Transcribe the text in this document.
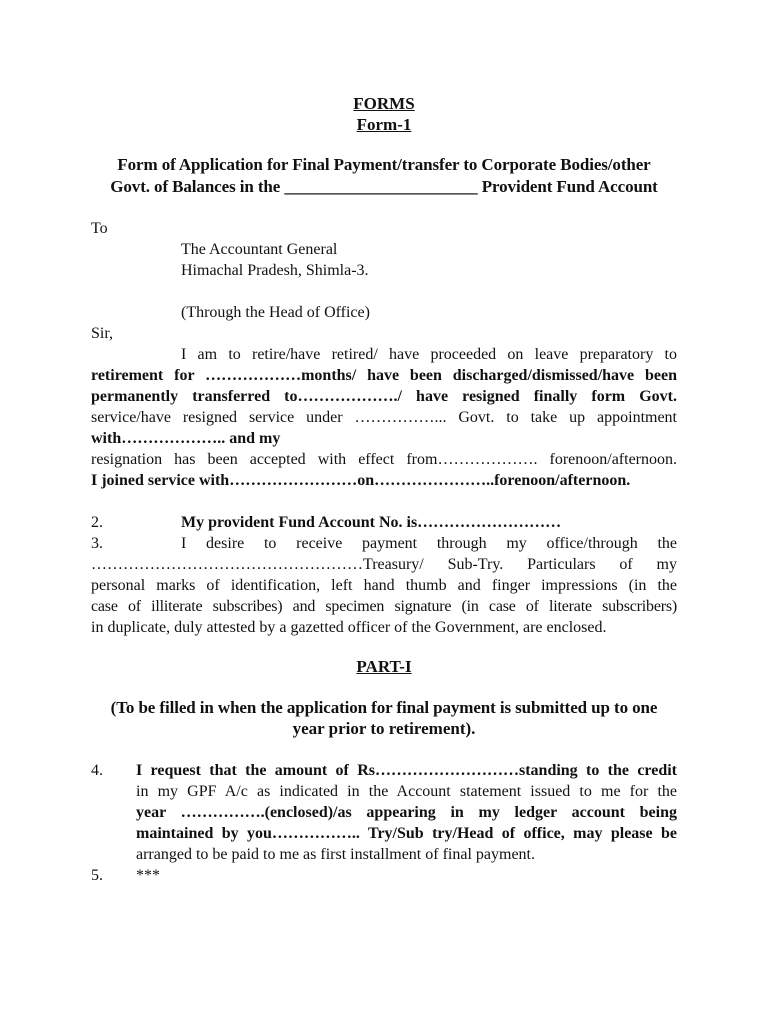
FORMS
Form-1
Form of Application for Final Payment/transfer to Corporate Bodies/other
Govt. of Balances in the _______________________ Provident Fund Account
To
The Accountant General
Himachal Pradesh, Shimla-3.
(Through the Head of Office)
Sir,
I am to retire/have retired/ have proceeded on leave preparatory to
retirement for ………………months/ have been discharged/dismissed/have been
permanently transferred to………………./ have resigned finally form Govt.
service/have resigned service under ……………... Govt. to take up appointment
with……………….. and my
resignation has been accepted with effect from………………. forenoon/afternoon.
I joined service with……………………on…………………..forenoon/afternoon.
2.	My provident Fund Account No. is………………………
3.	I desire to receive payment through my office/through the
……………………………………………Treasury/ Sub-Try. Particulars of my
personal marks of identification, left hand thumb and finger impressions (in the
case of illiterate subscribes) and specimen signature (in case of literate subscribers)
in duplicate, duly attested by a gazetted officer of the Government, are enclosed.
PART-I
(To be filled in when the application for final payment is submitted up to one
year prior to retirement).
4. I request that the amount of Rs………………………standing to the credit
in my GPF A/c as indicated in the Account statement issued to me for the
year …………….(enclosed)/as appearing in my ledger account being
maintained by you…………….. Try/Sub try/Head of office, may please be
arranged to be paid to me as first installment of final payment.
5. ***
